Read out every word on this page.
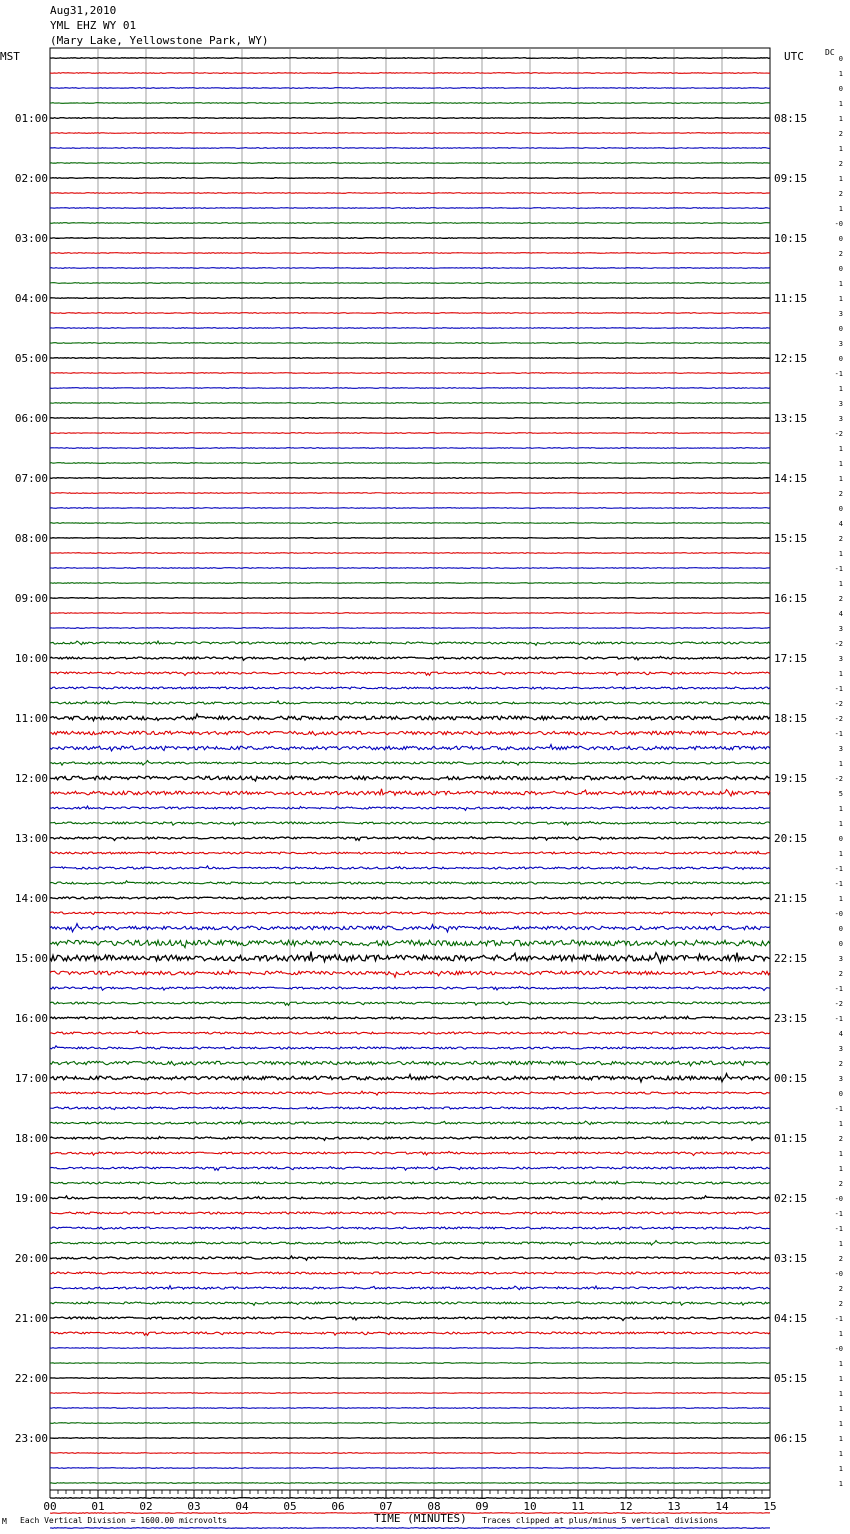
Aug31,2010
YML EHZ WY 01
(Mary Lake, Yellowstone Park, WY)
MST	UTC	DC
00	01	02	03	04	05	06	07	08	09	10	11	12	13	14	15
0
1
0
1
1
2
1
2
1
2
1
-0
0
2
0
1
1
3
0
3
0
-1
1
3
3
-2
1
1
1
2
0
4
2
1
-1
1
2
4
3
-2
3
1
-1
-2
-2
-1
3
1
-2
5
1
1
0
1
-1
-1
1
-0
0
0
3
2
-1
-2
-1
4
3
2
3
0
-1
1
2
1
1
2
-0
-1
-1
1
2
-0
2
2
-1
1
-0
1
1
1
1
1
1
1
1
1
01:00
02:00
03:00
04:00
05:00
06:00
07:00
08:00
09:00
10:00
11:00
12:00
13:00
14:00
15:00
16:00
17:00
18:00
19:00
20:00
21:00
22:00
23:00
08:15
09:15
10:15
11:15
12:15
13:15
14:15
15:15
16:15
17:15
18:15
19:15
20:15
21:15
22:15
23:15
00:15
01:15
02:15
03:15
04:15
05:15
06:15
M Each Vertical Division = 1600.00 microvolts	TIME (MINUTES) Traces clipped at plus/minus 5 vertical divisions
